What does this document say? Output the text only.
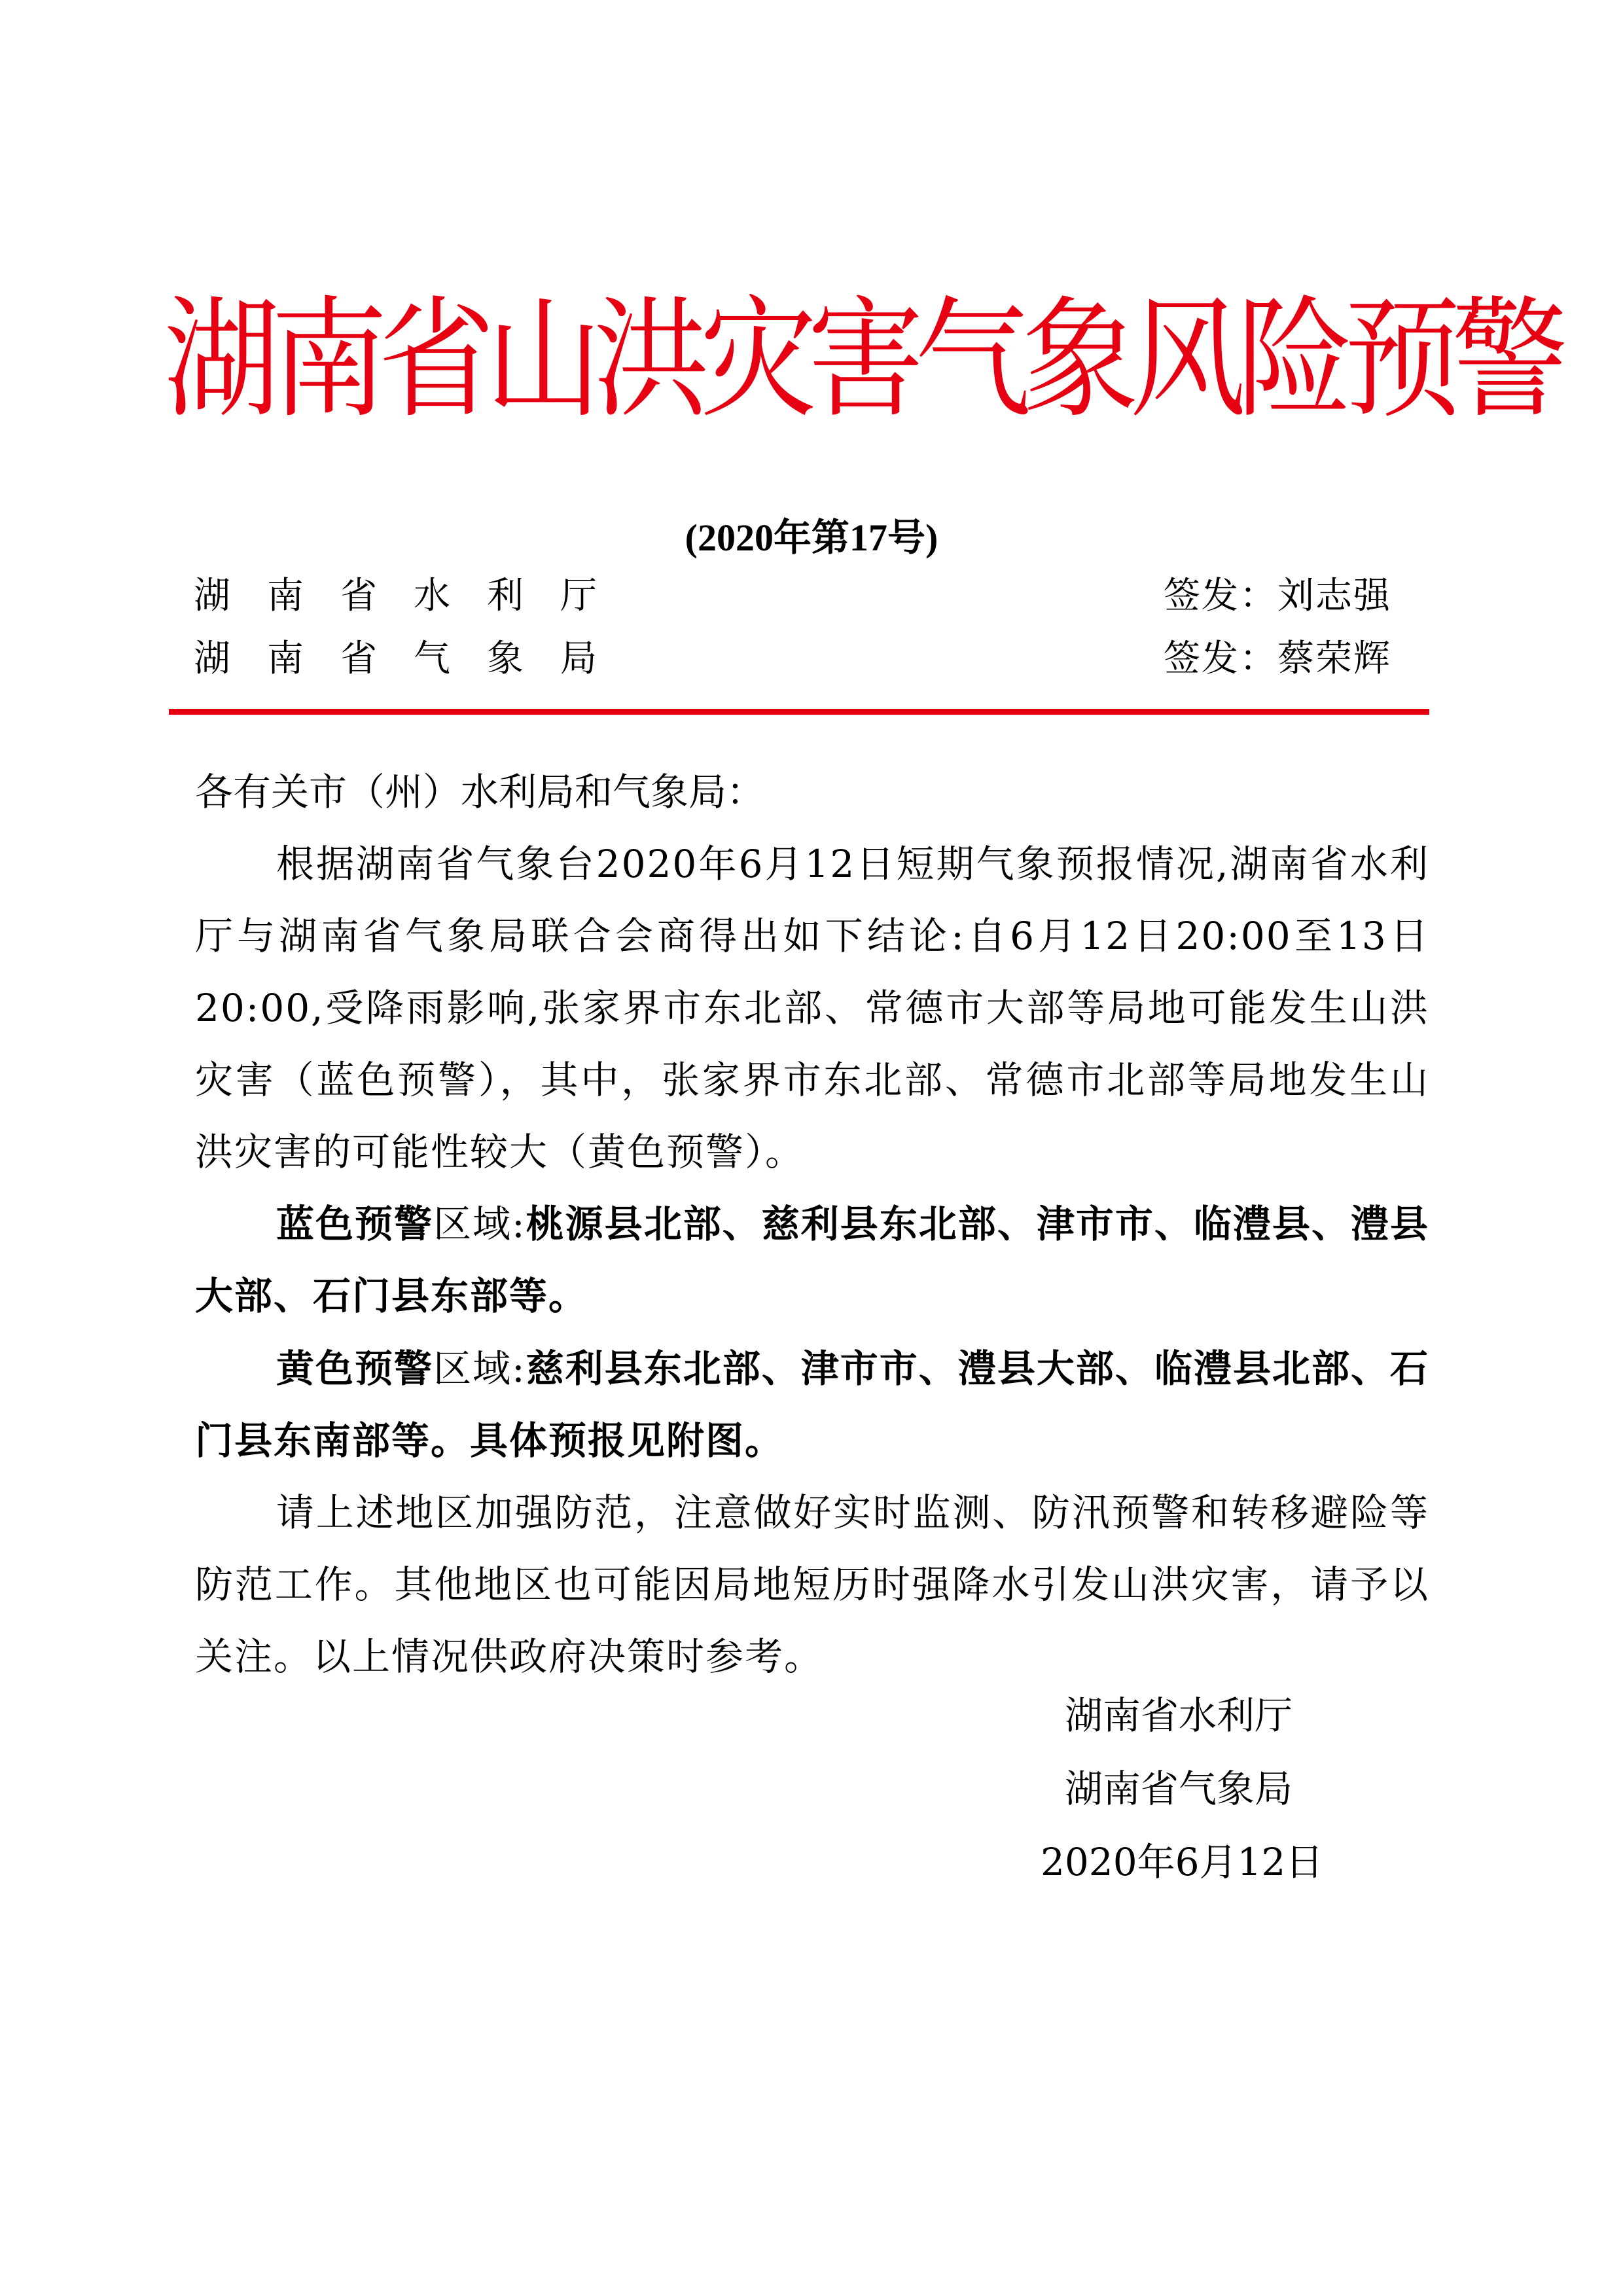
湖南省山洪灾害气象风险预警
(2020年第17号)
湖南省水利厅	签发：刘志强
湖南省气象局	签发：蔡荣辉
各有关市（州）水利局和气象局：

根据湖南省气象台2020年6月12日短期气象预报情况,湖南省水利厅与湖南省气象局联合会商得出如下结论:自6月12日20:00至13日 20:00,受降雨影响,张家界市东北部、常德市大部等局地可能发生山洪灾害（蓝色预警），其中，张家界市东北部、常德市北部等局地发生山洪灾害的可能性较大（黄色预警）。

蓝色预警区域:桃源县北部、慈利县东北部、津市市、临澧县、澧县大部、石门县东部等。

黄色预警区域:慈利县东北部、津市市、澧县大部、临澧县北部、石门县东南部等。具体预报见附图。

请上述地区加强防范，注意做好实时监测、防汛预警和转移避险等防范工作。其他地区也可能因局地短历时强降水引发山洪灾害，请予以关注。以上情况供政府决策时参考。

湖南省水利厅
湖南省气象局
2020年6月12日
